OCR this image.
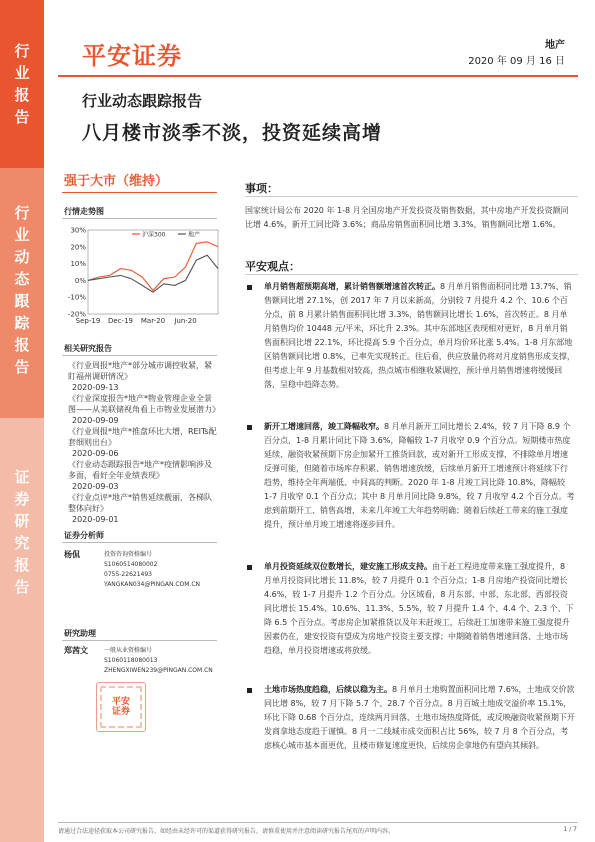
行
业
报
告
行
业
动
态
跟
踪
报
告
证
券
研
究
报
告
平安证券	地产
2020 年 09 月 16 日
行业动态跟踪报告
八月楼市淡季不淡，投资延续高增
强于大市（维持）
行情走势图
30%
20%
10%
0%
-10%
-20%
Sep-19 Dec-19 Mar-20 Jun-20
沪深300	地产
相关研究报告
《行业周报*地产*部分城市调控收紧，紧盯福州调研情况》
2020-09-13
《行业深度报告*地产*物业管理企业全景图——从美联储视角看上市物业发展潜力》
2020-09-09
《行业周报*地产*推盘环比大增，REITs配套细则出台》
2020-09-06
《行业动态跟踪报告*地产*疫情影响涉及多面，看好全年业绩表现》
2020-09-03
《行业点评*地产*销售延续靓丽，各梯队整体向好》
2020-09-01
证券分析师
杨侃	投资咨询资格编号
S1060514080002
0755-22621493
YANGKAN034@PINGAN.COM.CN
研究助理
郑茜文	一般从业资格编号
S1060118080013
ZHENGXIWEN239@PINGAN.COM.CN
平安
证券
事项：
国家统计局公布 2020 年 1-8 月全国房地产开发投资及销售数据，其中房地产开发投资额同比增 4.6%，新开工同比降 3.6%；商品房销售面积同比增 3.3%，销售额同比增 1.6%。
平安观点：
单月销售超预期高增，累计销售额增速首次转正。8 月单月销售面积同比增 13.7%、销售额同比增 27.1%，创 2017 年 7 月以来新高，分别较 7 月提升 4.2 个、10.6 个百分点，前 8 月累计销售面积同比增 3.3%，销售额同比增长 1.6%，首次转正。8 月单月销售均价 10448 元/平米，环比升 2.3%。其中东部地区表现相对更好，8 月单月销售面积同比增 22.1%，环比提高 5.9 个百分点，单月均价环比涨 5.4%。1-8 月东部地区销售额同比增 0.8%，已率先实现转正。往后看，供应放量仍将对月度销售形成支撑，但考虑上年 9 月基数相对较高，热点城市相继收紧调控，预计单月销售增速将缓慢回落，呈稳中趋降态势。
新开工增速回落，竣工降幅收窄。8 月单月新开工同比增长 2.4%，较 7 月下降 8.9 个百分点，1-8 月累计同比下降 3.6%，降幅较 1-7 月收窄 0.9 个百分点。短期楼市热度延续、融资收紧预期下房企加紧开工推货回款，或对新开工形成支撑，不排除单月增速反弹可能，但随着市场库存积累、销售增速放缓，后续单月新开工增速预计将延续下行趋势，维持全年两端低、中间高的判断。2020 年 1-8 月竣工同比降 10.8%，降幅较 1-7 月收窄 0.1 个百分点；其中 8 月单月同比降 9.8%，较 7 月收窄 4.2 个百分点。考虑到前期开工、销售高增，未来几年竣工大年趋势明确；随着后续赶工带来的施工强度提升，预计单月竣工增速将逐步回升。
单月投资延续双位数增长，建安施工形成支持。由于赶工程进度带来施工强度提升，8 月单月投资同比增长 11.8%，较 7 月提升 0.1 个百分点；1-8 月房地产投资同比增长 4.6%，较 1-7 月提升 1.2 个百分点。分区域看，8 月东部、中部、东北部、西部投资同比增长 15.4%、10.6%、11.3%、5.5%，较 7 月提升 1.4 个、4.4 个、2.3 个、下降 6.5 个百分点。考虑房企加紧推货以及年末赶竣工，后续赶工加速带来施工强度提升因素仍在，建安投资有望成为房地产投资主要支撑；中期随着销售增速回落、土地市场趋稳，单月投资增速或将放缓。
土地市场热度趋稳，后续以稳为主。8 月单月土地购置面积同比增 7.6%，土地成交价款同比增 8%，较 7 月下降 5.7 个、28.7 个百分点。8 月百城土地成交溢价率 15.1%，环比下降 0.68 个百分点，连续两月回落，土地市场热度降低，或反映融资收紧预期下开发商拿地态度趋于谨慎。8 月一二线城市成交面积占比 56%，较 7 月 8 个百分点，考虑核心城市基本面更优，且楼市修复速度更快，后续房企拿地仍有望向其倾斜。
请通过合法途径获取本公司研究报告，如经由未经许可的渠道获得研究报告，请慎重使用并注意阅读研究报告尾页的声明内容。	1 / 7
